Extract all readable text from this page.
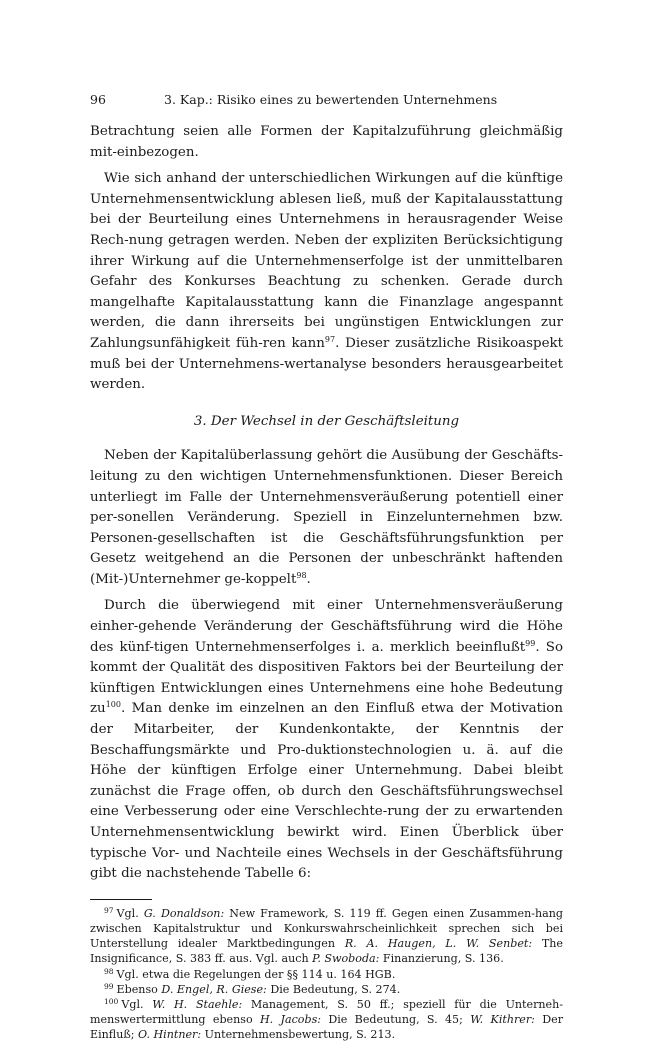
96	3. Kap.: Risiko eines zu bewertenden Unternehmens

Betrachtung seien alle Formen der Kapitalzuführung gleichmäßig mit-einbezogen.

Wie sich anhand der unterschiedlichen Wirkungen auf die künftige Unternehmensentwicklung ablesen ließ, muß der Kapitalausstattung bei der Beurteilung eines Unternehmens in herausragender Weise Rech-nung getragen werden. Neben der expliziten Berücksichtigung ihrer Wirkung auf die Unternehmenserfolge ist der unmittelbaren Gefahr des Konkurses Beachtung zu schenken. Gerade durch mangelhafte Kapitalausstattung kann die Finanzlage angespannt werden, die dann ihrerseits bei ungünstigen Entwicklungen zur Zahlungsunfähigkeit füh-ren kann$^{97}$. Dieser zusätzliche Risikoaspekt muß bei der Unternehmens-wertanalyse besonders herausgearbeitet werden.

3. Der Wechsel in der Geschäftsleitung

Neben der Kapitalüberlassung gehört die Ausübung der Geschäfts-leitung zu den wichtigen Unternehmensfunktionen. Dieser Bereich unterliegt im Falle der Unternehmensveräußerung potentiell einer per-sonellen Veränderung. Speziell in Einzelunternehmen bzw. Personen-gesellschaften ist die Geschäftsführungsfunktion per Gesetz weitgehend an die Personen der unbeschränkt haftenden (Mit-)Unternehmer ge-koppelt$^{98}$.

Durch die überwiegend mit einer Unternehmensveräußerung einher-gehende Veränderung der Geschäftsführung wird die Höhe des künf-tigen Unternehmenserfolges i. a. merklich beeinflußt$^{99}$. So kommt der Qualität des dispositiven Faktors bei der Beurteilung der künftigen Entwicklungen eines Unternehmens eine hohe Bedeutung $zu^{100}$. Man denke im einzelnen an den Einfluß etwa der Motivation der Mitarbeiter, der Kundenkontakte, der Kenntnis der Beschaffungsmärkte und Pro-duktionstechnologien u. ä. auf die Höhe der künftigen Erfolge einer Unternehmung. Dabei bleibt zunächst die Frage offen, ob durch den Geschäftsführungswechsel eine Verbesserung oder eine Verschlechte-rung der zu erwartenden Unternehmensentwicklung bewirkt wird. Einen Überblick über typische Vor- und Nachteile eines Wechsels in der Geschäftsführung gibt die nachstehende Tabelle 6:

$^{97}$ Vgl. G. Donaldson: New Framework, S. 119 ff. Gegen einen Zusammen-hang zwischen Kapitalstruktur und Konkurswahrscheinlichkeit sprechen sich bei Unterstellung idealer Marktbedingungen R. A. Haugen, L. W. Senbet: The Insignificance, S. 383 ff. aus. Vgl. auch P. Swoboda: Finanzierung, S. 136.

$^{98}$ Vgl. etwa die Regelungen der §§ 114 u. 164 HGB.

$^{99}$ Ebenso D. Engel, R. Giese: Die Bedeutung, S. 274.

$^{100}$ Vgl. W. H. Staehle: Management, S. 50 ff.; speziell für die Unterneh-menswertermittlung ebenso H. Jacobs: Die Bedeutung, S. 45; W. Kithrer: Der Einfluß; O. Hintner: Unternehmensbewertung, S. 213.
